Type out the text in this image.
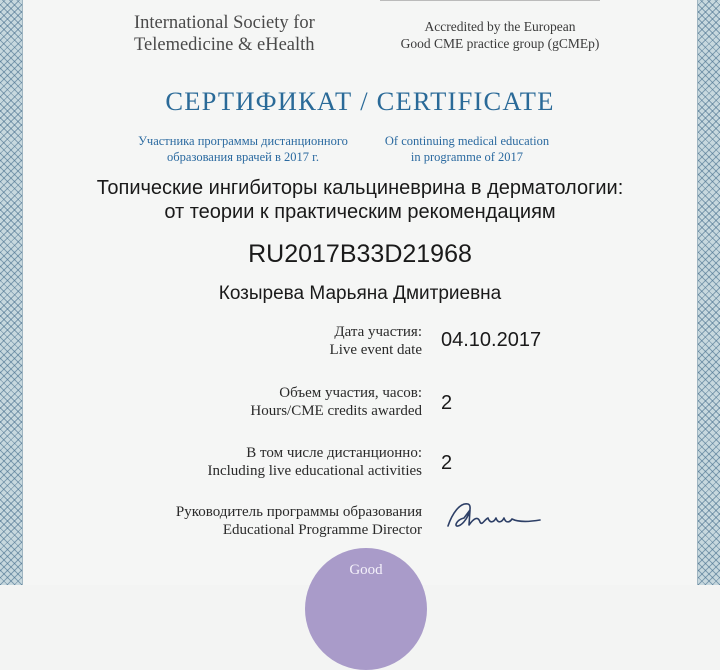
International Society for
Telemedicine & eHealth
Accredited by the European
Good CME practice group (gCMEp)
СЕРТИФИКАТ / CERTIFICATE
Участника программы дистанционного
образования врачей в 2017 г.
Of continuing medical education
in programme of 2017
Топические ингибиторы кальциневрина в дерматологии:
от теории к практическим рекомендациям
RU2017B33D21968
Козырева Марьяна Дмитриевна
Дата участия:
Live event date 04.10.2017
Объем участия, часов:
Hours/CME credits awarded 2
В том числе дистанционно:
Including live educational activities 2
Руководитель программы образования
Educational Programme Director
Good
